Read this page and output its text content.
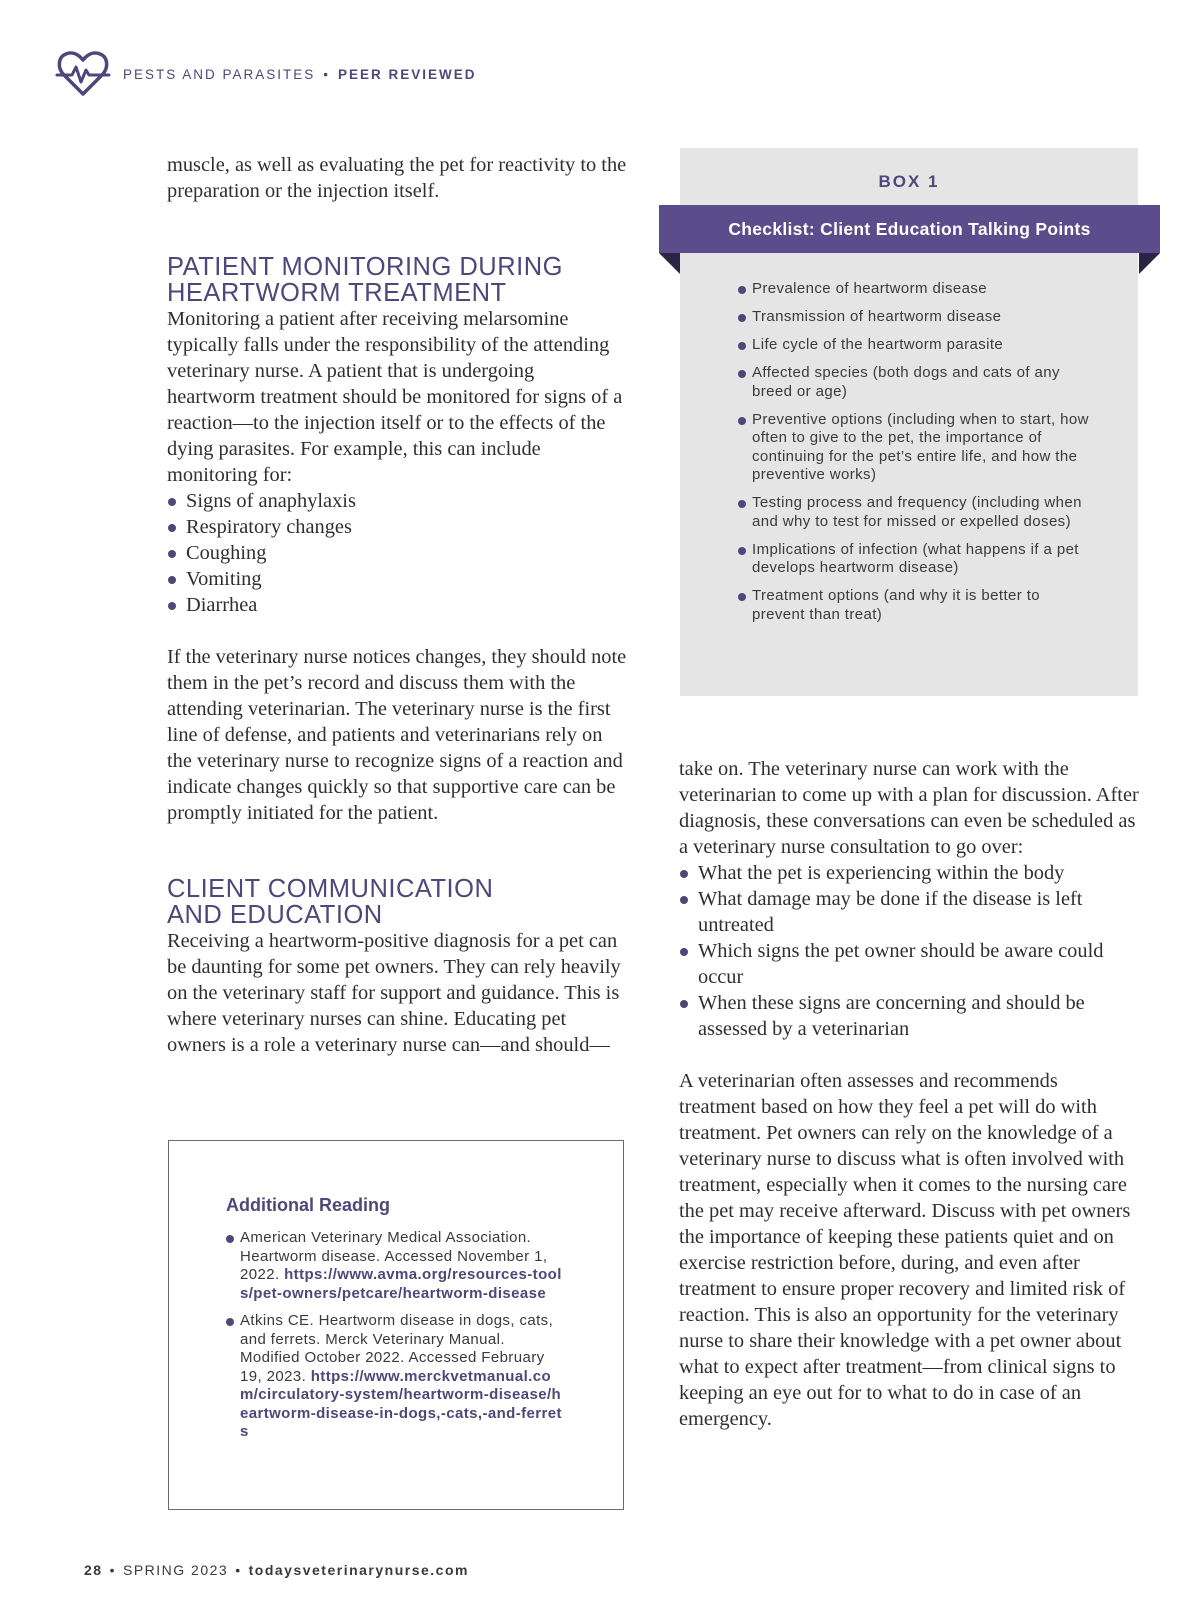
PESTS AND PARASITES • PEER REVIEWED

muscle, as well as evaluating the pet for reactivity to the preparation or the injection itself.

PATIENT MONITORING DURING
HEARTWORM TREATMENT

Monitoring a patient after receiving melarsomine typically falls under the responsibility of the attending veterinary nurse. A patient that is undergoing heartworm treatment should be monitored for signs of a reaction—to the injection itself or to the effects of the dying parasites. For example, this can include monitoring for:

Signs of anaphylaxis
Respiratory changes
Coughing
Vomiting
Diarrhea

If the veterinary nurse notices changes, they should note them in the pet’s record and discuss them with the attending veterinarian. The veterinary nurse is the first line of defense, and patients and veterinarians rely on the veterinary nurse to recognize signs of a reaction and indicate changes quickly so that supportive care can be promptly initiated for the patient.

CLIENT COMMUNICATION
AND EDUCATION

Receiving a heartworm-positive diagnosis for a pet can be daunting for some pet owners. They can rely heavily on the veterinary staff for support and guidance. This is where veterinary nurses can shine. Educating pet owners is a role a veterinary nurse can—and should—

BOX 1
Checklist: Client Education Talking Points
Prevalence of heartworm disease
Transmission of heartworm disease
Life cycle of the heartworm parasite
Affected species (both dogs and cats of any breed or age)
Preventive options (including when to start, how often to give to the pet, the importance of continuing for the pet’s entire life, and how the preventive works)
Testing process and frequency (including when and why to test for missed or expelled doses)
Implications of infection (what happens if a pet develops heartworm disease)
Treatment options (and why it is better to prevent than treat)

take on. The veterinary nurse can work with the veterinarian to come up with a plan for discussion. After diagnosis, these conversations can even be scheduled as a veterinary nurse consultation to go over:

What the pet is experiencing within the body
What damage may be done if the disease is left untreated
Which signs the pet owner should be aware could occur
When these signs are concerning and should be assessed by a veterinarian

A veterinarian often assesses and recommends treatment based on how they feel a pet will do with treatment. Pet owners can rely on the knowledge of a veterinary nurse to discuss what is often involved with treatment, especially when it comes to the nursing care the pet may receive afterward. Discuss with pet owners the importance of keeping these patients quiet and on exercise restriction before, during, and even after treatment to ensure proper recovery and limited risk of reaction. This is also an opportunity for the veterinary nurse to share their knowledge with a pet owner about what to expect after treatment—from clinical signs to keeping an eye out for to what to do in case of an emergency.

Additional Reading
American Veterinary Medical Association. Heartworm disease. Accessed November 1, 2022. https://www.avma.org/resources-tools/pet-owners/petcare/heartworm-disease
Atkins CE. Heartworm disease in dogs, cats, and ferrets. Merck Veterinary Manual. Modified October 2022. Accessed February 19, 2023. https://www.merckvetmanual.com/circulatory-system/heartworm-disease/heartworm-disease-in-dogs,-cats,-and-ferrets
28 • SPRING 2023 • todaysveterinarynurse.com
